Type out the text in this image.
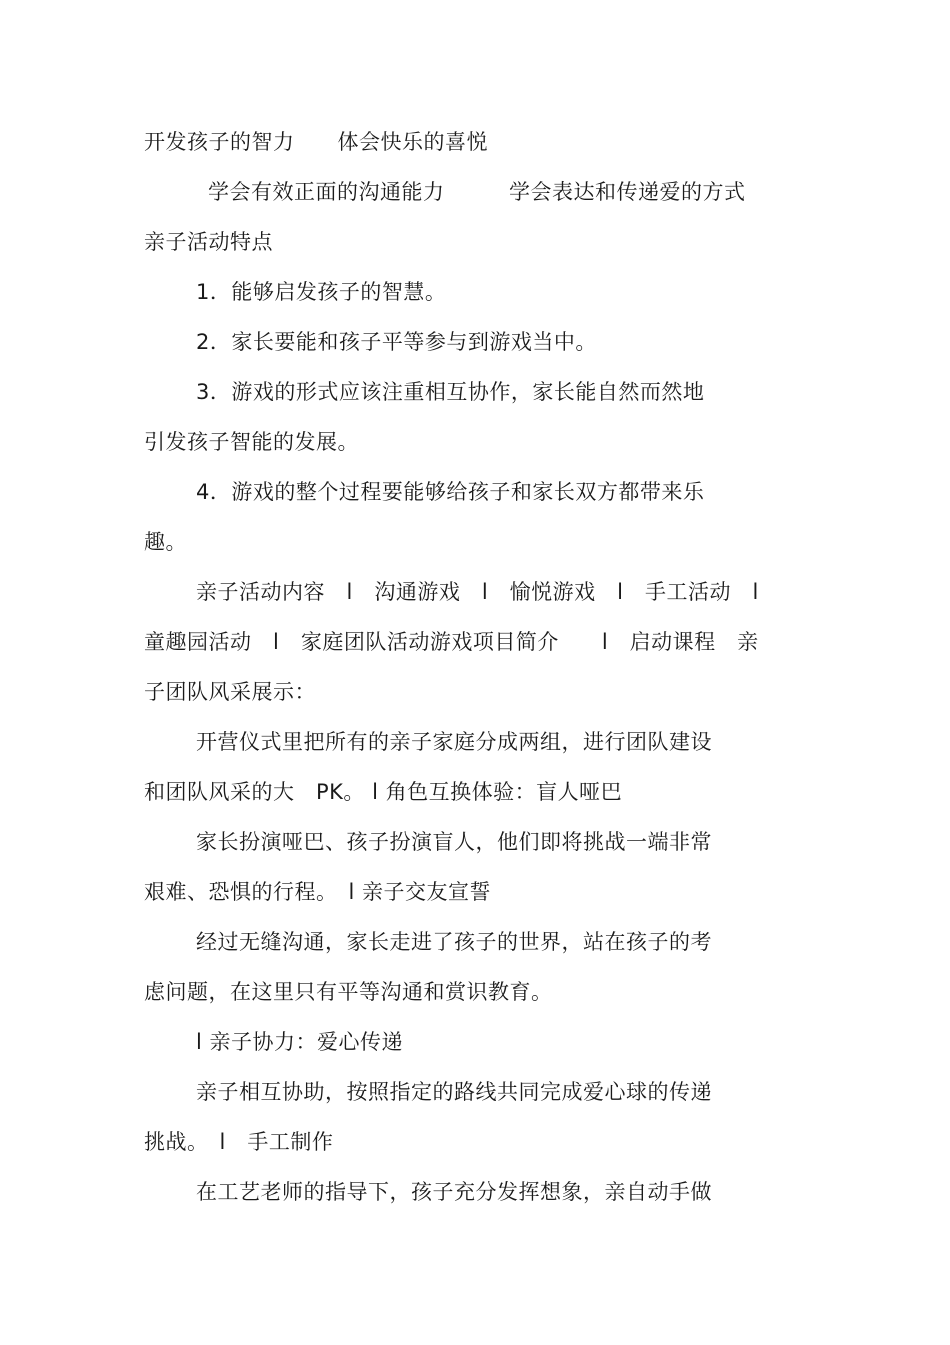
开发孩子的智力　　体会快乐的喜悦
学会有效正面的沟通能力　　　学会表达和传递爱的方式
亲子活动特点
1．能够启发孩子的智慧。
2．家长要能和孩子平等参与到游戏当中。
3．游戏的形式应该注重相互协作，家长能自然而然地
引发孩子智能的发展。
4．游戏的整个过程要能够给孩子和家长双方都带来乐
趣。
亲子活动内容　l　沟通游戏　l　愉悦游戏　l　手工活动　l
童趣园活动　l　家庭团队活动游戏项目简介　　l　启动课程　亲
子团队风采展示：
开营仪式里把所有的亲子家庭分成两组，进行团队建设
和团队风采的大　PK。 l 角色互换体验：盲人哑巴
家长扮演哑巴、孩子扮演盲人，他们即将挑战一端非常
艰难、恐惧的行程。　l 亲子交友宣誓
经过无缝沟通，家长走进了孩子的世界，站在孩子的考
虑问题，在这里只有平等沟通和赏识教育。
l 亲子协力：爱心传递
亲子相互协助，按照指定的路线共同完成爱心球的传递
挑战。　l　手工制作
在工艺老师的指导下，孩子充分发挥想象，亲自动手做
